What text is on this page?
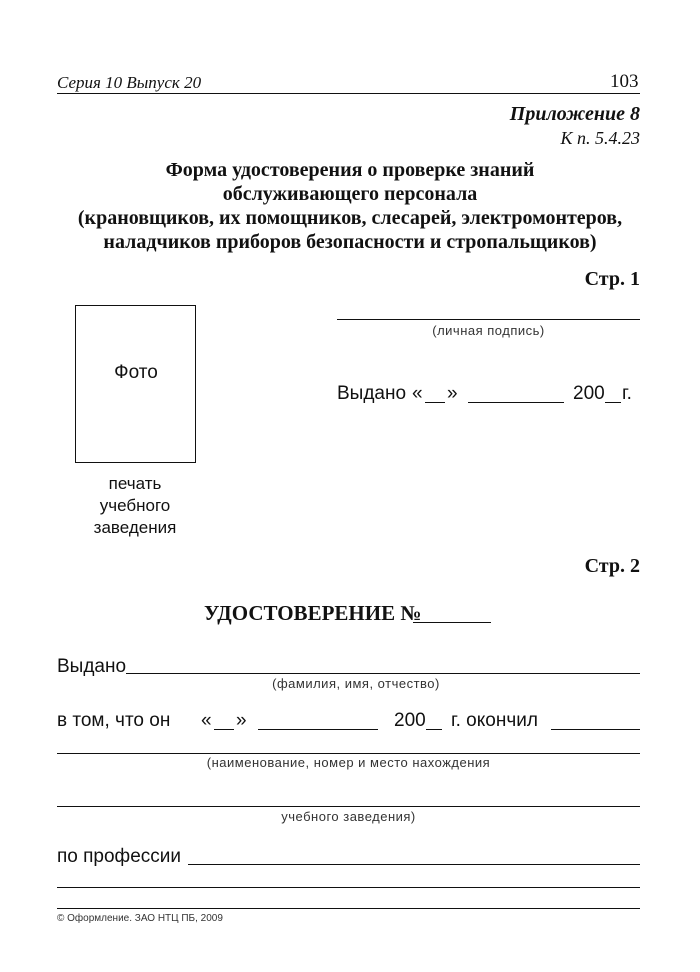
Серия 10 Выпуск 20	103
Приложение 8
К п. 5.4.23
Форма удостоверения о проверке знаний
обслуживающего персонала
(крановщиков, их помощников, слесарей, электромонтеров,
наладчиков приборов безопасности и стропальщиков)
Стр. 1
Фото
(личная подпись)
Выдано « »	200 г.
печать
учебного
заведения
Стр. 2
УДОСТОВЕРЕНИЕ №
Выдано
(фамилия, имя, отчество)
в том, что он « »	200 г. окончил
(наименование, номер и место нахождения
учебного заведения)
по профессии
© Оформление. ЗАО НТЦ ПБ, 2009
